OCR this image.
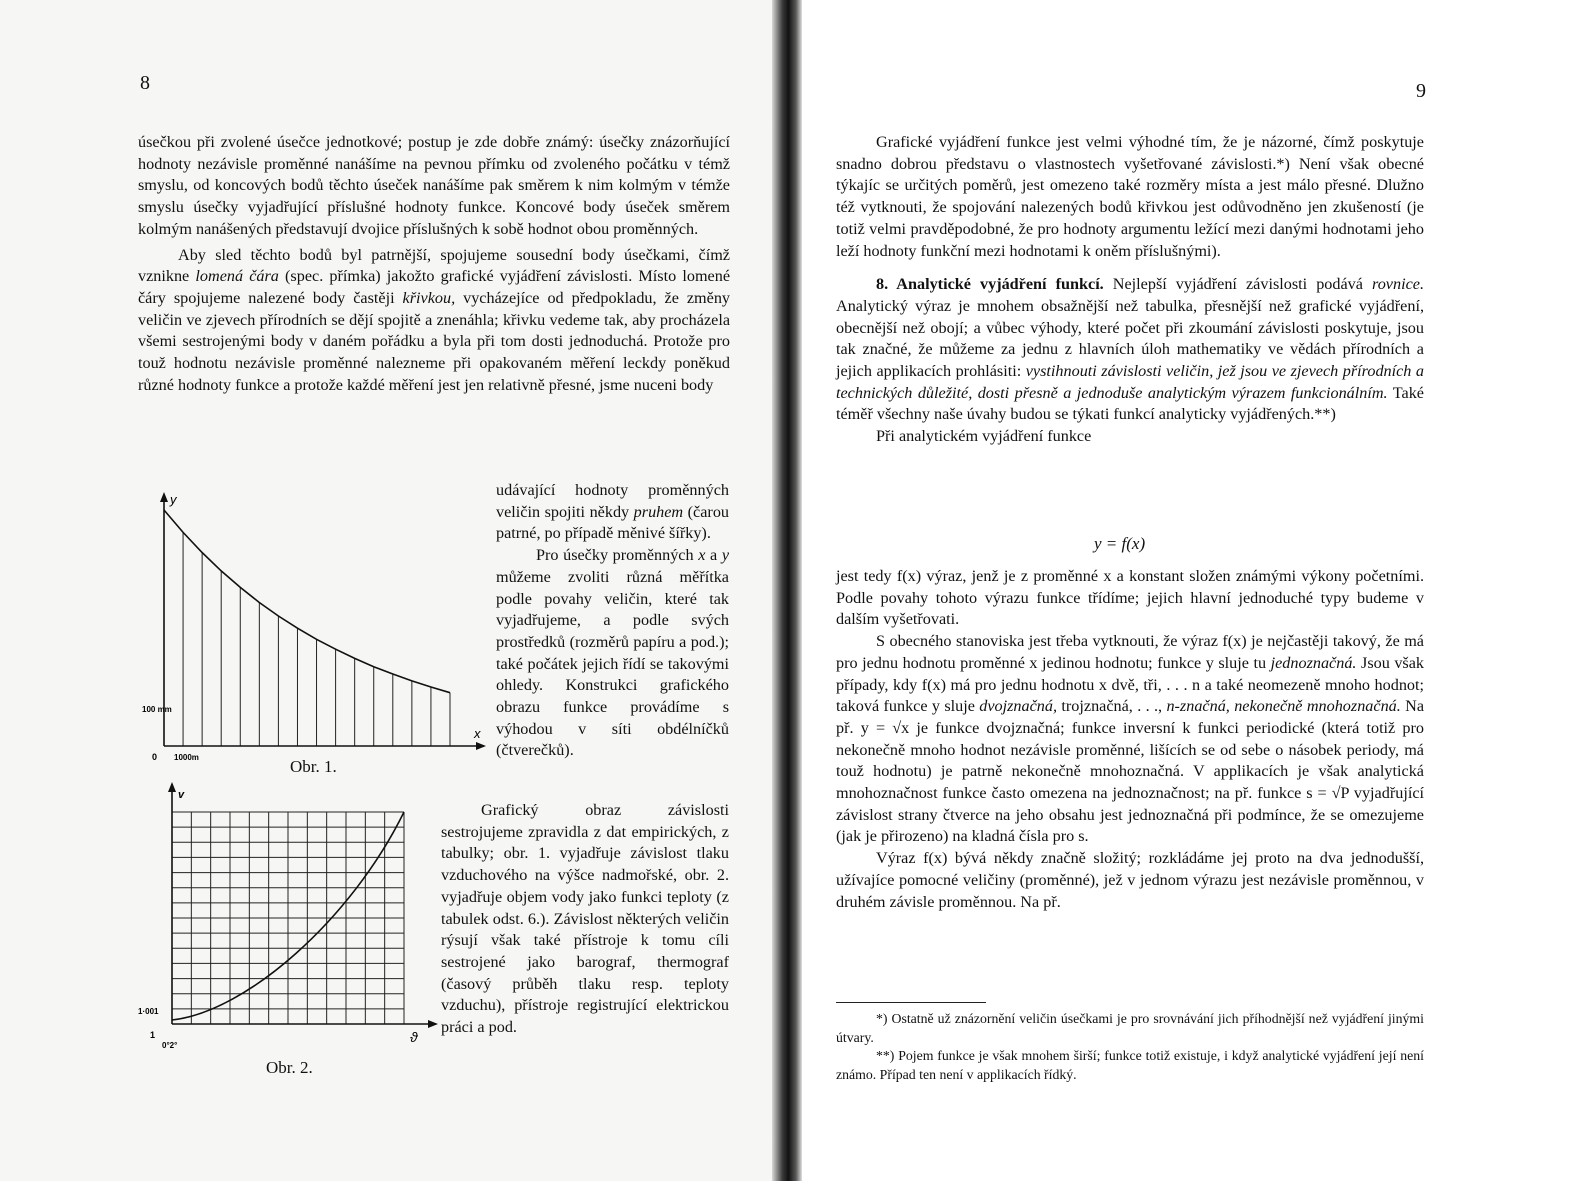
8

úsečkou při zvolené úsečce jednotkové; postup je zde dobře známý: úsečky znázorňující hodnoty nezávisle proměnné nanášíme na pevnou přímku od zvoleného počátku v témž smyslu, od koncových bodů těchto úseček nanášíme pak směrem k nim kolmým v témže smyslu úsečky vyjadřující příslušné hodnoty funkce. Koncové body úseček směrem kolmým nanášených představují dvojice příslušných k sobě hodnot obou proměnných.

Aby sled těchto bodů byl patrnější, spojujeme sousední body úsečkami, čímž vznikne lomená čára (spec. přímka) jakožto grafické vyjádření závislosti. Místo lomené čáry spojujeme nalezené body častěji křivkou, vycházejíce od předpokladu, že změny veličin ve zjevech přírodních se dějí spojitě a znenáhla; křivku vedeme tak, aby procházela všemi sestrojenými body v daném pořádku a byla při tom dosti jednoduchá. Protože pro touž hodnotu nezávisle proměnné nalezneme při opakovaném měření leckdy poněkud různé hodnoty funkce a protože každé měření jest jen relativně přesné, jsme nuceni body

udávající hodnoty proměnných veličin spojiti někdy pruhem (čarou patrné, po případě měnivé šířky).

Pro úsečky proměnných x a y můžeme zvoliti různá měřítka podle povahy veličin, které tak vyjadřujeme, a podle svých prostředků (rozměrů papíru a pod.); také počátek jejich řídí se takovými ohledy. Konstrukci grafického obrazu funkce provádíme s výhodou v síti obdélníčků (čtverečků).

Grafický obraz závislosti sestrojujeme zpravidla z dat empirických, z tabulky; obr. 1. vyjadřuje závislost tlaku vzduchového na výšce nadmořské, obr. 2. vyjadřuje objem vody jako funkci teploty (z tabulek odst. 6.). Závislost některých veličin rýsují však také přístroje k tomu cíli sestrojené jako barograf, thermograf (časový průběh tlaku resp. teploty vzduchu), přístroje registrující elektrickou práci a pod.

y
x
100 mm
0 1000m	Obr. 1.
v
ϑ
1·001
1
0°2°
Obr. 2.
9

Grafické vyjádření funkce jest velmi výhodné tím, že je názorné, čímž poskytuje snadno dobrou představu o vlastnostech vyšetřované závislosti.*) Není však obecné týkajíc se určitých poměrů, jest omezeno také rozměry místa a jest málo přesné. Dlužno též vytknouti, že spojování nalezených bodů křivkou jest odůvodněno jen zkušeností (je totiž velmi pravděpodobné, že pro hodnoty argumentu ležící mezi danými hodnotami jeho leží hodnoty funkční mezi hodnotami k oněm příslušnými).

8. Analytické vyjádření funkcí. Nejlepší vyjádření závislosti podává rovnice. Analytický výraz je mnohem obsažnější než tabulka, přesnější než grafické vyjádření, obecnější než obojí; a vůbec výhody, které počet při zkoumání závislosti poskytuje, jsou tak značné, že můžeme za jednu z hlavních úloh mathematiky ve vědách přírodních a jejich applikacích prohlásiti: vystihnouti závislosti veličin, jež jsou ve zjevech přírodních a technických důležité, dosti přesně a jednoduše analytickým výrazem funkcionálním. Také téměř všechny naše úvahy budou se týkati funkcí analyticky vyjádřených.**)

Při analytickém vyjádření funkce

y = f(x)

jest tedy f(x) výraz, jenž je z proměnné x a konstant složen známými výkony početními. Podle povahy tohoto výrazu funkce třídíme; jejich hlavní jednoduché typy budeme v dalším vyšetřovati.

S obecného stanoviska jest třeba vytknouti, že výraz f(x) je nejčastěji takový, že má pro jednu hodnotu proměnné x jedinou hodnotu; funkce y sluje tu jednoznačná. Jsou však případy, kdy f(x) má pro jednu hodnotu x dvě, tři, . . . n a také neomezeně mnoho hodnot; taková funkce y sluje dvojznačná, trojznačná, . . ., n-značná, nekonečně mnohoznačná. Na př. y = √x je funkce dvojznačná; funkce inversní k funkci periodické (která totiž pro nekonečně mnoho hodnot nezávisle proměnné, lišících se od sebe o násobek periody, má touž hodnotu) je patrně nekonečně mnohoznačná. V applikacích je však analytická mnohoznačnost funkce často omezena na jednoznačnost; na př. funkce s = √P vyjadřující závislost strany čtverce na jeho obsahu jest jednoznačná při podmínce, že se omezujeme (jak je přirozeno) na kladná čísla pro s.

Výraz f(x) bývá někdy značně složitý; rozkládáme jej proto na dva jednodušší, užívajíce pomocné veličiny (proměnné), jež v jednom výrazu jest nezávisle proměnnou, v druhém závisle proměnnou. Na př.

*) Ostatně už znázornění veličin úsečkami je pro srovnávání jich příhodnější než vyjádření jinými útvary.
**) Pojem funkce je však mnohem širší; funkce totiž existuje, i když analytické vyjádření její není známo. Případ ten není v applikacích řídký.
